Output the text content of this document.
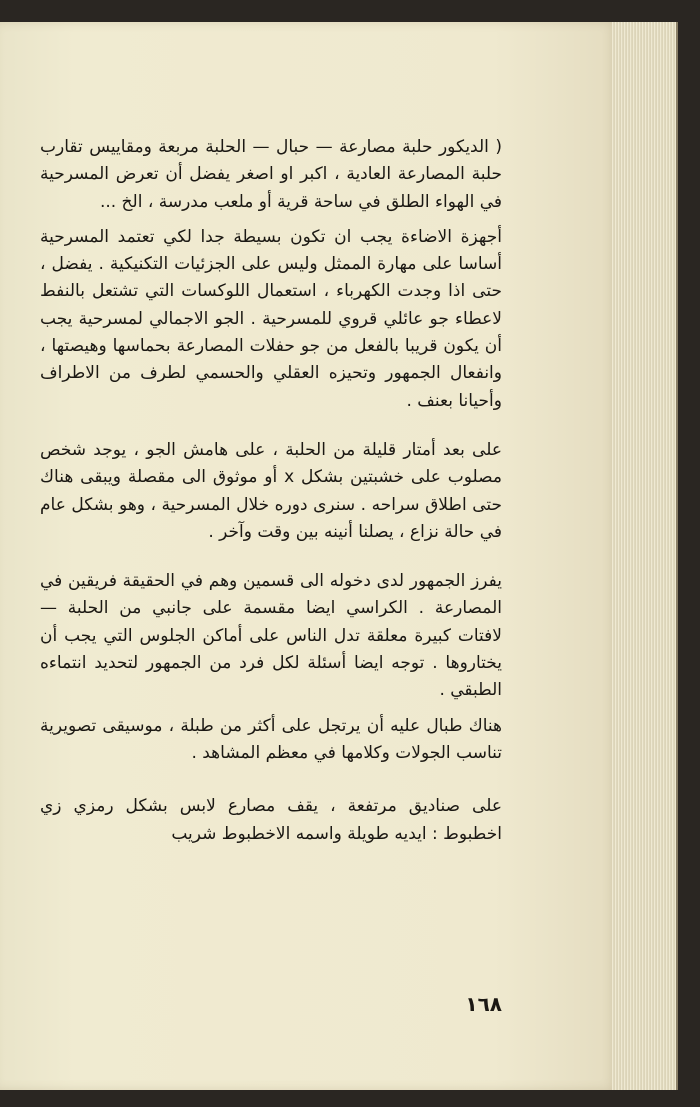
( الديكور حلبة مصارعة — حبال — الحلبة مربعة ومقاييس تقارب حلبة المصارعة العادية ، اكبر او اصغر يفضل أن تعرض المسرحية في الهواء الطلق في ساحة قرية أو ملعب مدرسة ، الخ ...

أجهزة الاضاءة يجب ان تكون بسيطة جدا لكي تعتمد المسرحية أساسا على مهارة الممثل وليس على الجزئيات التكنيكية . يفضل ، حتى اذا وجدت الكهرباء ، استعمال اللوكسات التي تشتعل بالنفط لاعطاء جو عائلي قروي للمسرحية . الجو الاجمالي لمسرحية يجب أن يكون قريبا بالفعل من جو حفلات المصارعة بحماسها وهيصتها ، وانفعال الجمهور وتحيزه العقلي والحسمي لطرف من الاطراف وأحيانا بعنف .

على بعد أمتار قليلة من الحلبة ، على هامش الجو ، يوجد شخص مصلوب على خشبتين بشكل x أو موثوق الى مقصلة ويبقى هناك حتى اطلاق سراحه . سنرى دوره خلال المسرحية ، وهو بشكل عام في حالة نزاع ، يصلنا أنينه بين وقت وآخر .

يفرز الجمهور لدى دخوله الى قسمين وهم في الحقيقة فريقين في المصارعة . الكراسي ايضا مقسمة على جانبي من الحلبة — لافتات كبيرة معلقة تدل الناس على أماكن الجلوس التي يجب أن يختاروها . توجه ايضا أسئلة لكل فرد من الجمهور لتحديد انتماءه الطبقي .

هناك طبال عليه أن يرتجل على أكثر من طبلة ، موسيقى تصويرية تناسب الجولات وكلامها في معظم المشاهد .

على صناديق مرتفعة ، يقف مصارع لابس بشكل رمزي زي اخطبوط : ايديه طويلة واسمه الاخطبوط شريب

١٦٨
